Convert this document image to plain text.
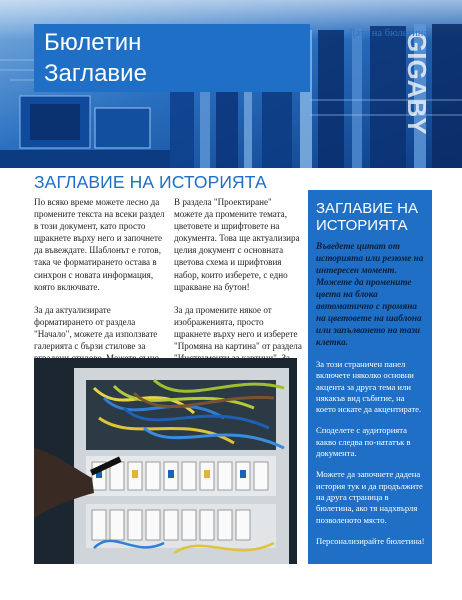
GIGABY
Бюлетин
Заглавие
Дата на бюлетина
ЗАГЛАВИЕ НА ИСТОРИЯТА

По всяко време можете лесно да промените текста на всеки раздел в този документ, като просто щракнете върху него и започнете да въвеждате. Шаблонът е готов, така че форматирането остава в синхрон с новата информация, която включвате.

За да актуализирате форматирането от раздела "Начало", можете да използвате галерията с бързи стилове за

В раздела "Проектиране" можете да промените темата, цветовете и шрифтовете на документа. Това ще актуализира целия документ с основната цветова схема и шрифтовия набор, които изберете, с едно щракване на бутон!

За да промените някое от изображенията, просто щракнете върху него и изберете "Промяна на картина" от раздела

ЗАГЛАВИЕ НА ИСТОРИЯТА
Въведете цитат от историята или резюме на интересен момент. Можете да промените цвета на блока автоматично с промяна на цветовете на шаблона или запълването на тази клетка.
За този страничен панел включете няколко основни акцента за друга тема или някакъв вид събитие, на което искате да акцентирате.
Споделете с аудиторията какво следва по-нататък в документа.
Можете да започнете дадена история тук и да продължите на друга страница в бюлетина, ако тя надхвърля позволеното място.
Персонализирайте бюлетина!
